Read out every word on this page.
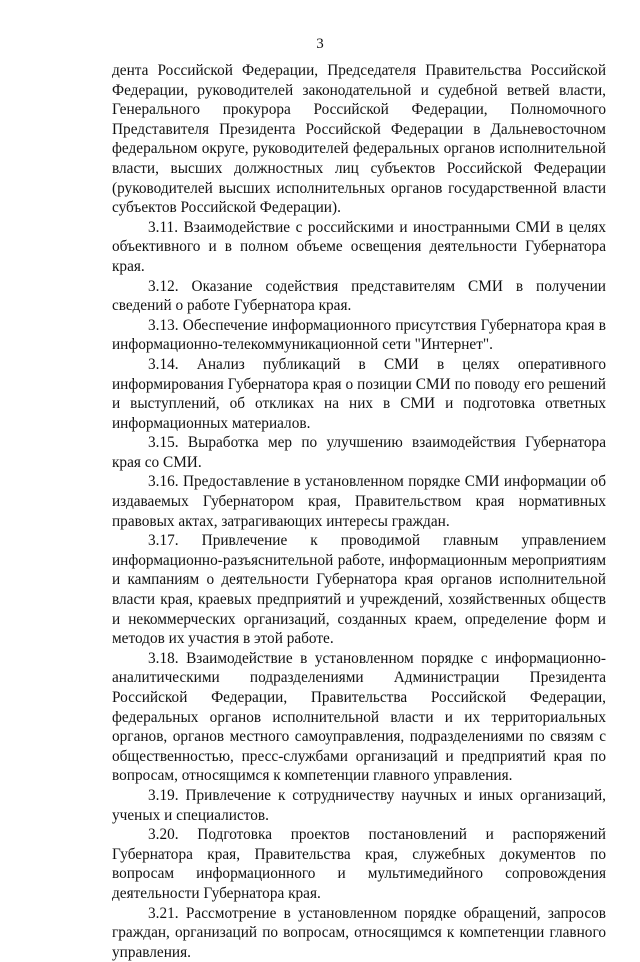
3

дента Российской Федерации, Председателя Правительства Российской Федерации, руководителей законодательной и судебной ветвей власти, Генерального прокурора Российской Федерации, Полномочного Представителя Президента Российской Федерации в Дальневосточном федеральном округе, руководителей федеральных органов исполнительной власти, высших должностных лиц субъектов Российской Федерации (руководителей высших исполнительных органов государственной власти субъектов Российской Федерации).

3.11. Взаимодействие с российскими и иностранными СМИ в целях объективного и в полном объеме освещения деятельности Губернатора края.

3.12. Оказание содействия представителям СМИ в получении сведений о работе Губернатора края.

3.13. Обеспечение информационного присутствия Губернатора края в информационно-телекоммуникационной сети "Интернет".

3.14. Анализ публикаций в СМИ в целях оперативного информирования Губернатора края о позиции СМИ по поводу его решений и выступлений, об откликах на них в СМИ и подготовка ответных информационных материалов.

3.15. Выработка мер по улучшению взаимодействия Губернатора края со СМИ.

3.16. Предоставление в установленном порядке СМИ информации об издаваемых Губернатором края, Правительством края нормативных правовых актах, затрагивающих интересы граждан.

3.17. Привлечение к проводимой главным управлением информационно-разъяснительной работе, информационным мероприятиям и кампаниям о деятельности Губернатора края органов исполнительной власти края, краевых предприятий и учреждений, хозяйственных обществ и некоммерческих организаций, созданных краем, определение форм и методов их участия в этой работе.

3.18. Взаимодействие в установленном порядке с информационно-аналитическими подразделениями Администрации Президента Российской Федерации, Правительства Российской Федерации, федеральных органов исполнительной власти и их территориальных органов, органов местного самоуправления, подразделениями по связям с общественностью, пресс-службами организаций и предприятий края по вопросам, относящимся к компетенции главного управления.

3.19. Привлечение к сотрудничеству научных и иных организаций, ученых и специалистов.

3.20. Подготовка проектов постановлений и распоряжений Губернатора края, Правительства края, служебных документов по вопросам информационного и мультимедийного сопровождения деятельности Губернатора края.

3.21. Рассмотрение в установленном порядке обращений, запросов граждан, организаций по вопросам, относящимся к компетенции главного управления.
